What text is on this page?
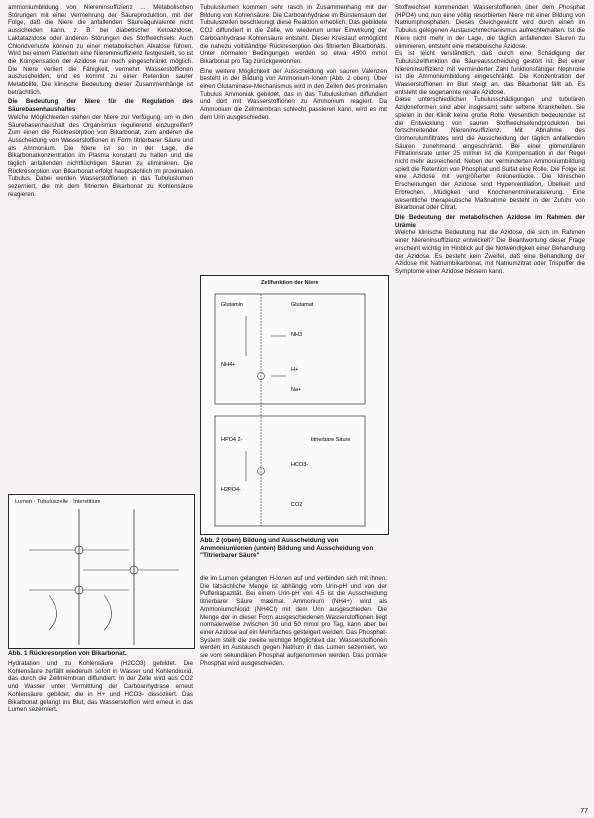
ammoniumbildung von Niereninsuffizienz ... Metabolischen Störungen mit einer Vermehrung der Säureproduktion, mit der Folge, daß die Niere die anfallenden Säureäquivalente nicht ausscheiden kann, z. B. bei diabetischer Ketoazidose, Laktatazidose oder anderen Störungen des Stoffwechsels. Auch Chloridverluste können zu einer metabolischen Alkalose führen. Wird bei einem Patienten eine Niereninsuffizienz festgestellt, so ist die Kompensation der Azidose nur noch eingeschränkt möglich. Die Niere verliert die Fähigkeit, vermehrt Wasserstoffionen auszuscheiden, und es kommt zu einer Retention saurer Metabolite. Die klinische Bedeutung dieser Zusammenhänge ist beträchtlich.

Die Bedeutung der Niere für die Regulation des Säurebasenhaushaltes

Welche Möglichkeiten stehen der Niere zur Verfügung, um in den Säurebasenhaushalt des Organismus regulierend einzugreifen? Zum einen die Rückresorption von Bikarbonat, zum anderen die Ausscheidung von Wasserstoffionen in Form titrierbarer Säure und als Ammonium. Die Niere ist so in der Lage, die Bikarbonatkonzentration im Plasma konstant zu halten und die täglich anfallenden nichtflüchtigen Säuren zu eliminieren. Die Rückresorption von Bikarbonat erfolgt hauptsächlich im proximalen Tubulus. Dabei werden Wasserstoffionen in das Tubuluslumen sezerniert, die mit dem filtrierten Bikarbonat zu Kohlensäure reagieren.

Lumen · Tubuluszelle · Interstitium
Abb. 1 Rückresorption von Bikarbonat.

Hydratation und zu Kohlensäure (H2CO3) gebildet. Die Kohlensäure zerfällt wiederum sofort in Wasser und Kohlendioxid, das durch die Zellmembran diffundiert. In der Zelle wird aus CO2 und Wasser unter Vermittlung der Carboanhydrase erneut Kohlensäure gebildet, die in H+ und HCO3- dissoziiert. Das Bikarbonat gelangt ins Blut, das Wasserstoffion wird erneut in das Lumen sezerniert.

Tubuluslumen kommen sehr rasch in Zusammenhang mit der Bildung von Kohlensäure. Die Carboanhydrase im Bürstensaum der Tubuluszellen beschleunigt diese Reaktion erheblich. Das gebildete CO2 diffundiert in die Zelle, wo wiederum unter Einwirkung der Carboanhydrase Kohlensäure entsteht. Dieser Kreislauf ermöglicht die nahezu vollständige Rückresorption des filtrierten Bikarbonats. Unter normalen Bedingungen werden so etwa 4500 mmol Bikarbonat pro Tag zurückgewonnen.

Eine weitere Möglichkeit der Ausscheidung von sauren Valenzen besteht in der Bildung von Ammonium-Ionen (Abb. 2 oben). Über einen Glutaminase-Mechanismus wird in den Zellen des proximalen Tubulus Ammoniak gebildet, das in das Tubuluslumen diffundiert und dort mit Wasserstoffionen zu Ammonium reagiert. Da Ammonium die Zellmembran schlecht passieren kann, wird es mit dem Urin ausgeschieden.

Zellfunktion der Niere
Glutamin	Glutamat
NH3
NH4+
H+
Na+
HPO4 2-
H2PO4-
HCO3-
CO2
titrierbare Säure
Abb. 2 (oben) Bildung und Ausscheidung von Ammoniumionen (unten) Bildung und Ausscheidung von "Titrierbarer Säure"

die im Lumen gelangten H-Ionen auf und verbinden sich mit ihnen. Die tatsächliche Menge ist abhängig vom Urin-pH und von der Pufferkapazität. Bei einem Urin-pH von 4,5 ist die Ausscheidung titrierbarer Säure maximal. Ammonium (NH4+) wird als Ammoniumchlorid (NH4Cl) mit dem Urin ausgeschieden. Die Menge der in dieser Form ausgeschiedenen Wasserstoffionen liegt normalerweise zwischen 30 und 50 mmol pro Tag, kann aber bei einer Azidose auf ein Mehrfaches gesteigert werden. Das Phosphat-System stellt die zweite wichtige Möglichkeit dar. Wasserstoffionen werden im Austausch gegen Natrium in das Lumen sezerniert, wo sie vom sekundären Phosphat aufgenommen werden. Das primäre Phosphat wird ausgeschieden.

Stoffwechsel kommenden Wasserstoffionen über dem Phosphat (HPO4) und nun eine völlig resorbierten Niere mit einer Bildung von Natriumphosphaten. Dieses Gleichgewicht wird durch einen im Tubulus gelegenen Austauschmechanismus aufrechterhalten. Ist die Niere nicht mehr in der Lage, die täglich anfallenden Säuren zu eliminieren, entsteht eine metabolische Azidose.

Es ist leicht verständlich, daß durch eine Schädigung der Tubuluszellfunktion die Säureausscheidung gestört ist. Bei einer Niereninsuffizienz mit verminderter Zahl funktionsfähiger Nephrone ist die Ammoniumbildung eingeschränkt. Die Konzentration der Wasserstoffionen im Blut steigt an, das Bikarbonat fällt ab. Es entsteht die sogenannte renale Azidose.

Diese unterschiedlichen Tubulusschädigungen und tubulären Azidoseformen sind aber insgesamt sehr seltene Krankheiten. Sie spielen in der Klinik keine große Rolle. Wesentlich bedeutender ist die Entwicklung von sauren Stoffwechselendprodukten bei fortschreitender Niereninsuffizienz. Mit Abnahme des Glomerulumfiltrates wird die Ausscheidung der täglich anfallenden Säuren zunehmend eingeschränkt. Bei einer glomerulären Filtrationsrate unter 25 ml/min ist die Kompensation in der Regel nicht mehr ausreichend. Neben der verminderten Ammoniumbildung spielt die Retention von Phosphat und Sulfat eine Rolle. Die Folge ist eine Azidose mit vergrößerter Anionenlücke. Die klinischen Erscheinungen der Azidose sind Hyperventilation, Übelkeit und Erbrechen, Müdigkeit und Knochenentmineralisierung. Eine wesentliche therapeutische Maßnahme besteht in der Zufuhr von Bikarbonat oder Citrat.

Die Bedeutung der metabolischen Azidose im Rahmen der Urämie

Welche klinische Bedeutung hat die Azidose, die sich im Rahmen einer Niereninsuffizienz entwickelt? Die Beantwortung dieser Frage erscheint wichtig im Hinblick auf die Notwendigkeit einer Behandlung der Azidose. Es besteht kein Zweifel, daß eine Behandlung der Azidose mit Natriumbikarbonat, mit Natriumzitrat oder Trispuffer die Symptome einer Azidose bessern kann.

77
